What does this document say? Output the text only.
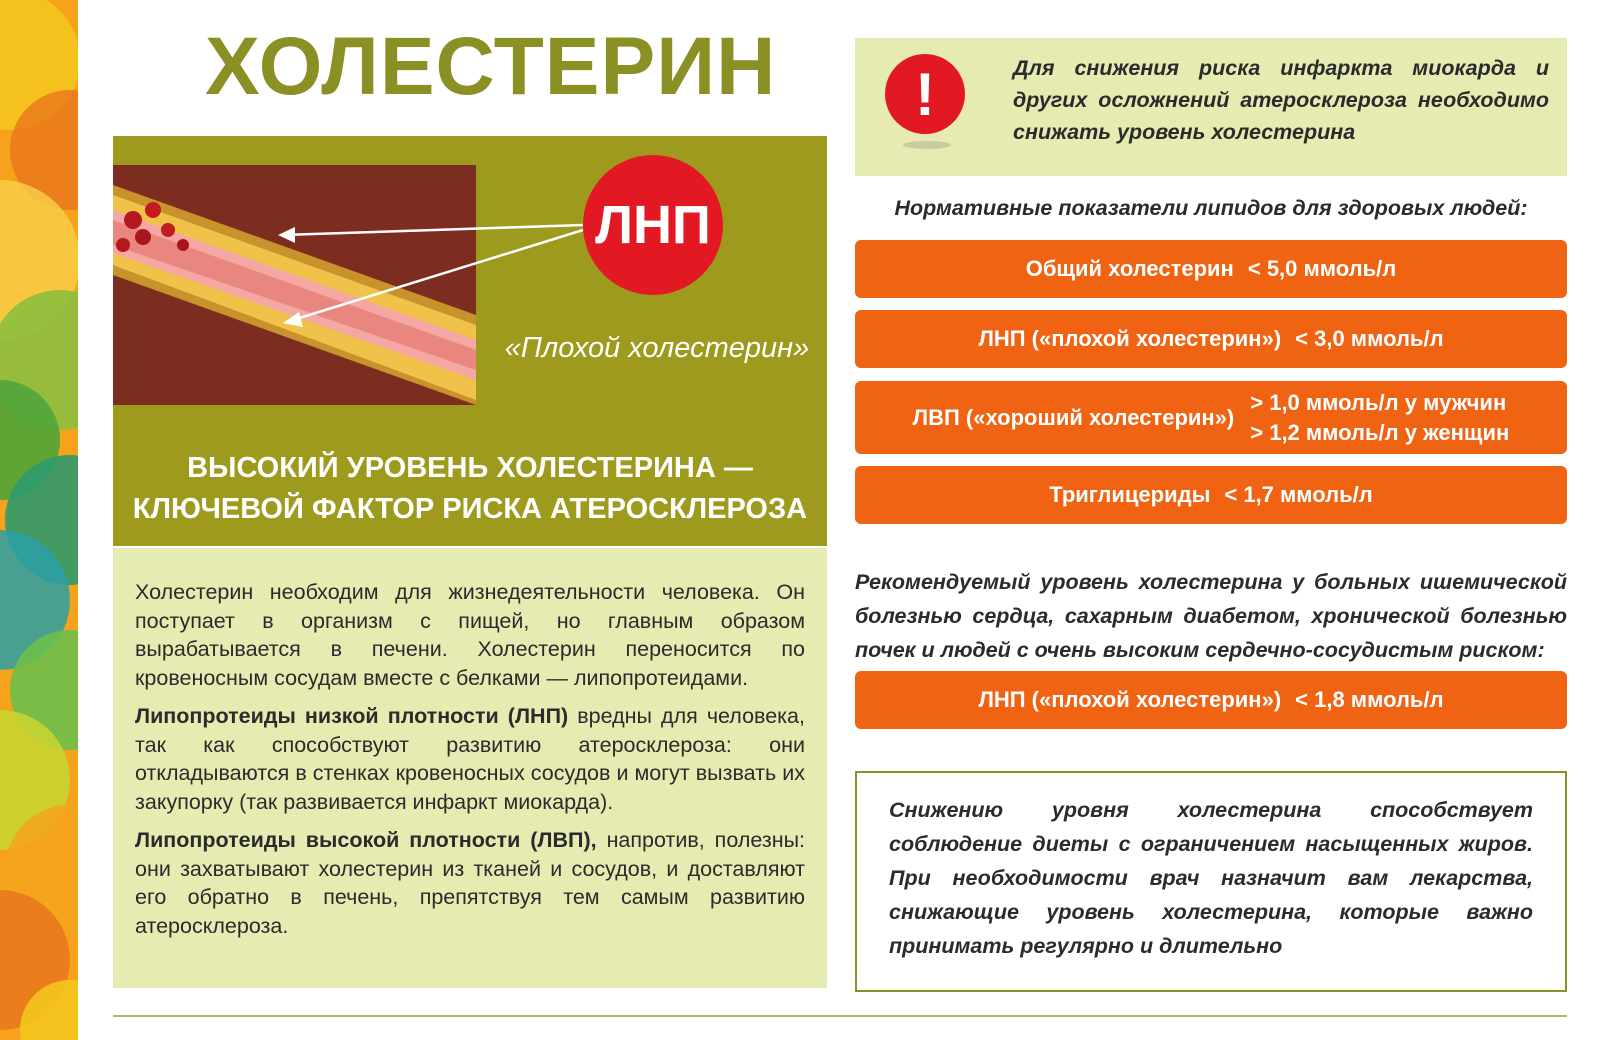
ХОЛЕСТЕРИН
ЛНП
«Плохой холестерин»
ВЫСОКИЙ УРОВЕНЬ ХОЛЕСТЕРИНА —
КЛЮЧЕВОЙ ФАКТОР РИСКА АТЕРОСКЛЕРОЗА

Холестерин необходим для жизнедеятельности человека. Он поступает в организм с пищей, но главным образом вырабатывается в печени. Холестерин переносится по кровеносным сосудам вместе с белками — липопротеидами.

Липопротеиды низкой плотности (ЛНП) вредны для человека, так как способствуют развитию атеросклероза: они откладываются в стенках кровеносных сосудов и могут вызвать их закупорку (так развивается инфаркт миокарда).

Липопротеиды высокой плотности (ЛВП), напротив, полезны: они захватывают холестерин из тканей и сосудов, и доставляют его обратно в печень, препятствуя тем самым развитию атеросклероза.

!	Для снижения риска инфаркта миокарда и других осложнений атеросклероза необходимо снижать уровень холестерина
Нормативные показатели липидов для здоровых людей:
Общий холестерин < 5,0 ммоль/л
ЛНП («плохой холестерин») < 3,0 ммоль/л
ЛВП («хороший холестерин»)
> 1,0 ммоль/л у мужчин
> 1,2 ммоль/л у женщин
Триглицериды < 1,7 ммоль/л
Рекомендуемый уровень холестерина у больных ишемической болезнью сердца, сахарным диабетом, хронической болезнью почек и людей с очень высоким сердечно-сосудистым риском:
ЛНП («плохой холестерин») < 1,8 ммоль/л
Снижению уровня холестерина способствует соблюдение диеты с ограничением насыщенных жиров. При необходимости врач назначит вам лекарства, снижающие уровень холестерина, которые важно принимать регулярно и длительно
